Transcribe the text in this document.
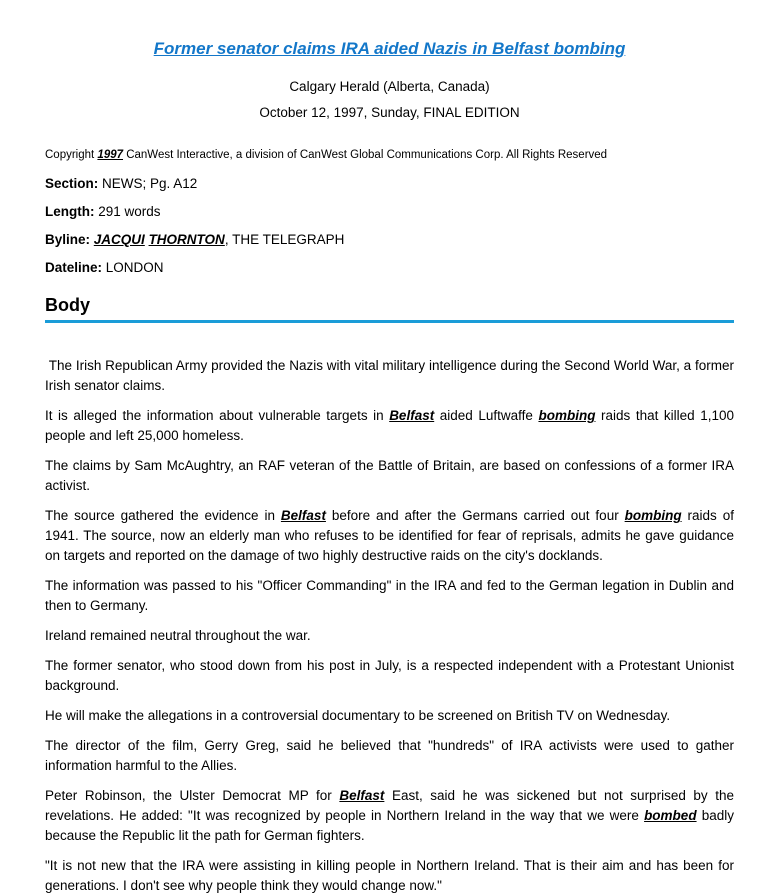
Former senator claims IRA aided Nazis in Belfast bombing
Calgary Herald (Alberta, Canada)
October 12, 1997, Sunday, FINAL EDITION

Copyright 1997 CanWest Interactive, a division of CanWest Global Communications Corp. All Rights Reserved

Section: NEWS; Pg. A12
Length: 291 words
Byline: JACQUI THORNTON, THE TELEGRAPH
Dateline: LONDON
Body

The Irish Republican Army provided the Nazis with vital military intelligence during the Second World War, a former Irish senator claims.

It is alleged the information about vulnerable targets in Belfast aided Luftwaffe bombing raids that killed 1,100 people and left 25,000 homeless.

The claims by Sam McAughtry, an RAF veteran of the Battle of Britain, are based on confessions of a former IRA activist.

The source gathered the evidence in Belfast before and after the Germans carried out four bombing raids of 1941. The source, now an elderly man who refuses to be identified for fear of reprisals, admits he gave guidance on targets and reported on the damage of two highly destructive raids on the city's docklands.

The information was passed to his "Officer Commanding" in the IRA and fed to the German legation in Dublin and then to Germany.

Ireland remained neutral throughout the war.

The former senator, who stood down from his post in July, is a respected independent with a Protestant Unionist background.

He will make the allegations in a controversial documentary to be screened on British TV on Wednesday.

The director of the film, Gerry Greg, said he believed that "hundreds" of IRA activists were used to gather information harmful to the Allies.

Peter Robinson, the Ulster Democrat MP for Belfast East, said he was sickened but not surprised by the revelations. He added: "It was recognized by people in Northern Ireland in the way that we were bombed badly because the Republic lit the path for German fighters.

"It is not new that the IRA were assisting in killing people in Northern Ireland. That is their aim and has been for generations. I don't see why people think they would change now."
